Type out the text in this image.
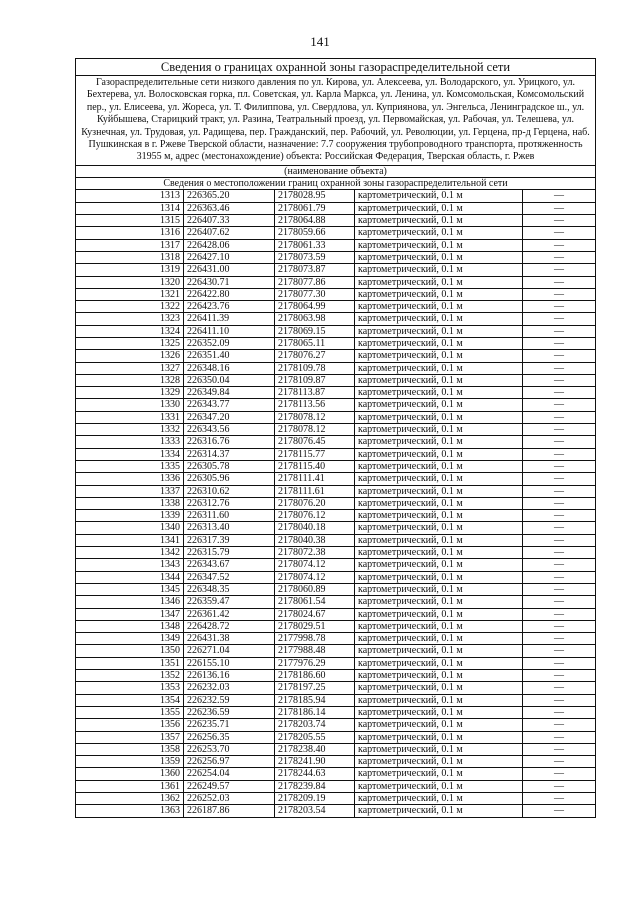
141
Сведения о границах охранной зоны газораспределительной сети				
Газораспределительные сети низкого давления по ул. Кирова, ул. Алексеева, ул. Володарского, ул. Урицкого, ул. Бехтерева, ул. Волосковская горка, пл. Советская, ул. Карла Маркса, ул. Ленина, ул. Комсомольская, Комсомольский пер., ул. Елисеева, ул. Жореса, ул. Т. Филиппова, ул. Свердлова, ул. Куприянова, ул. Энгельса, Ленинградское ш., ул. Куйбышева, Старицкий тракт, ул. Разина, Театральный проезд, ул. Первомайская, ул. Рабочая, ул. Телешева, ул. Кузнечная, ул. Трудовая, ул. Радищева, пер. Гражданский, пер. Рабочий, ул. Революции, ул. Герцена, пр-д Герцена, наб. Пушкинская в г. Ржеве Тверской области, назначение: 7.7 сооружения трубопроводного транспорта, протяженность 31955 м, адрес (местонахождение) объекта: Российская Федерация, Тверская область, г. Ржев				
(наименование объекта)				
Сведения о местоположении границ охранной зоны газораспределительной сети				
1313	226365.20	2178028.95	картометрический, 0.1 м	—
1314	226363.46	2178061.79	картометрический, 0.1 м	—
1315	226407.33	2178064.88	картометрический, 0.1 м	—
1316	226407.62	2178059.66	картометрический, 0.1 м	—
1317	226428.06	2178061.33	картометрический, 0.1 м	—
1318	226427.10	2178073.59	картометрический, 0.1 м	—
1319	226431.00	2178073.87	картометрический, 0.1 м	—
1320	226430.71	2178077.86	картометрический, 0.1 м	—
1321	226422.80	2178077.30	картометрический, 0.1 м	—
1322	226423.76	2178064.99	картометрический, 0.1 м	—
1323	226411.39	2178063.98	картометрический, 0.1 м	—
1324	226411.10	2178069.15	картометрический, 0.1 м	—
1325	226352.09	2178065.11	картометрический, 0.1 м	—
1326	226351.40	2178076.27	картометрический, 0.1 м	—
1327	226348.16	2178109.78	картометрический, 0.1 м	—
1328	226350.04	2178109.87	картометрический, 0.1 м	—
1329	226349.84	2178113.87	картометрический, 0.1 м	—
1330	226343.77	2178113.56	картометрический, 0.1 м	—
1331	226347.20	2178078.12	картометрический, 0.1 м	—
1332	226343.56	2178078.12	картометрический, 0.1 м	—
1333	226316.76	2178076.45	картометрический, 0.1 м	—
1334	226314.37	2178115.77	картометрический, 0.1 м	—
1335	226305.78	2178115.40	картометрический, 0.1 м	—
1336	226305.96	2178111.41	картометрический, 0.1 м	—
1337	226310.62	2178111.61	картометрический, 0.1 м	—
1338	226312.76	2178076.20	картометрический, 0.1 м	—
1339	226311.60	2178076.12	картометрический, 0.1 м	—
1340	226313.40	2178040.18	картометрический, 0.1 м	—
1341	226317.39	2178040.38	картометрический, 0.1 м	—
1342	226315.79	2178072.38	картометрический, 0.1 м	—
1343	226343.67	2178074.12	картометрический, 0.1 м	—
1344	226347.52	2178074.12	картометрический, 0.1 м	—
1345	226348.35	2178060.89	картометрический, 0.1 м	—
1346	226359.47	2178061.54	картометрический, 0.1 м	—
1347	226361.42	2178024.67	картометрический, 0.1 м	—
1348	226428.72	2178029.51	картометрический, 0.1 м	—
1349	226431.38	2177998.78	картометрический, 0.1 м	—
1350	226271.04	2177988.48	картометрический, 0.1 м	—
1351	226155.10	2177976.29	картометрический, 0.1 м	—
1352	226136.16	2178186.60	картометрический, 0.1 м	—
1353	226232.03	2178197.25	картометрический, 0.1 м	—
1354	226232.59	2178185.94	картометрический, 0.1 м	—
1355	226236.59	2178186.14	картометрический, 0.1 м	—
1356	226235.71	2178203.74	картометрический, 0.1 м	—
1357	226256.35	2178205.55	картометрический, 0.1 м	—
1358	226253.70	2178238.40	картометрический, 0.1 м	—
1359	226256.97	2178241.90	картометрический, 0.1 м	—
1360	226254.04	2178244.63	картометрический, 0.1 м	—
1361	226249.57	2178239.84	картометрический, 0.1 м	—
1362	226252.03	2178209.19	картометрический, 0.1 м	—
1363	226187.86	2178203.54	картометрический, 0.1 м	—
